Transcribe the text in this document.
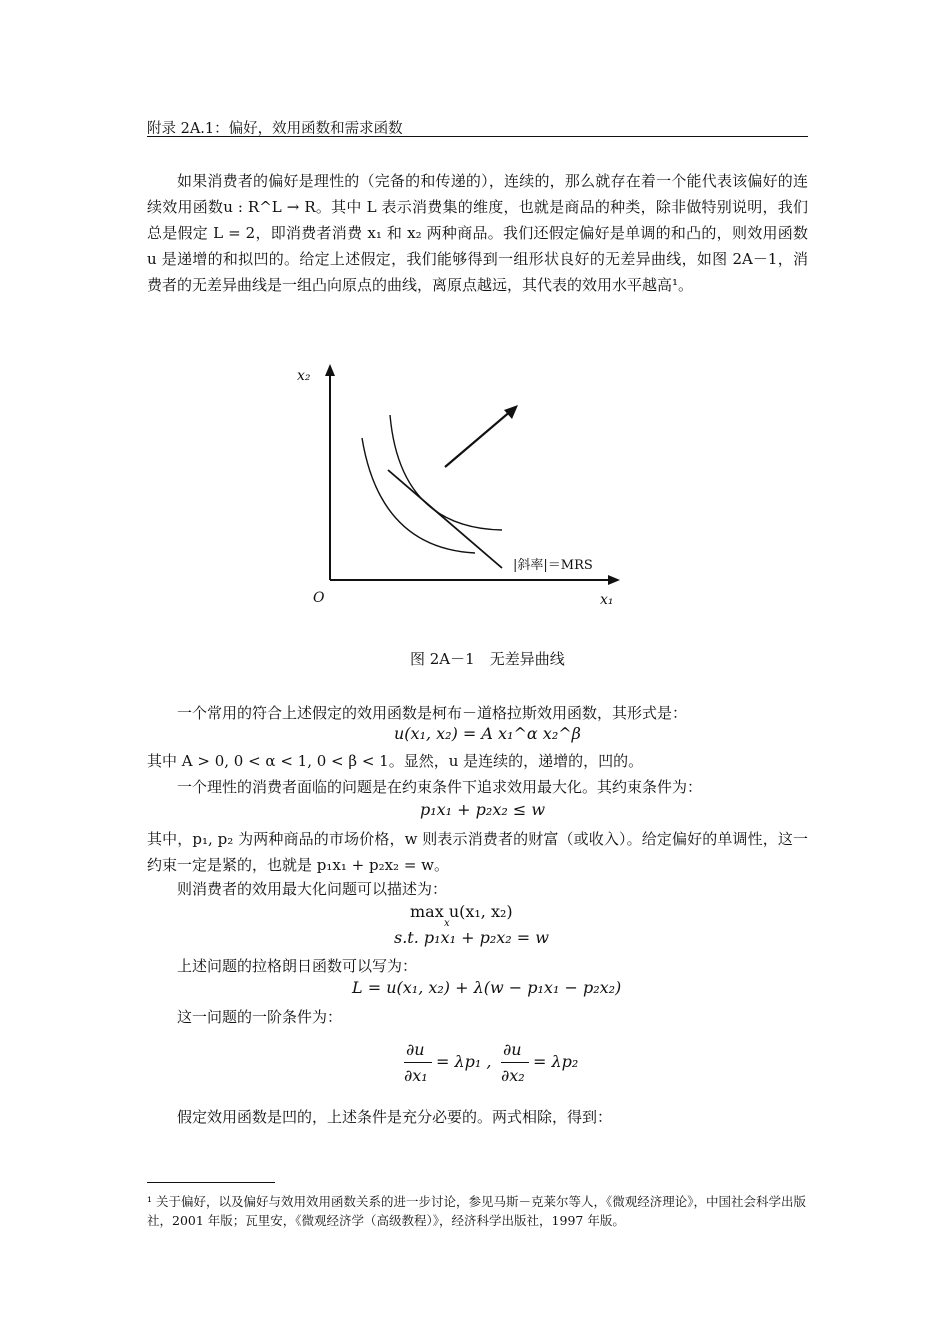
附录 2A.1：偏好，效用函数和需求函数
如果消费者的偏好是理性的（完备的和传递的），连续的，那么就存在着一个能代表该偏好的连续效用函数u : R^L → R。其中 L 表示消费集的维度，也就是商品的种类，除非做特别说明，我们总是假定 L = 2，即消费者消费 x₁ 和 x₂ 两种商品。我们还假定偏好是单调的和凸的，则效用函数 u 是递增的和拟凹的。给定上述假定，我们能够得到一组形状良好的无差异曲线，如图 2A－1，消费者的无差异曲线是一组凸向原点的曲线，离原点越远，其代表的效用水平越高¹。
x₂
x₁
O
|斜率|＝MRS
图 2A－1　无差异曲线
一个常用的符合上述假定的效用函数是柯布－道格拉斯效用函数，其形式是：
u(x₁, x₂) = A x₁^α x₂^β
其中 A > 0, 0 < α < 1, 0 < β < 1。显然，u 是连续的，递增的，凹的。
一个理性的消费者面临的问题是在约束条件下追求效用最大化。其约束条件为：
p₁x₁ + p₂x₂ ≤ w
其中，p₁, p₂ 为两种商品的市场价格，w 则表示消费者的财富（或收入）。给定偏好的单调性，这一约束一定是紧的，也就是 p₁x₁ + p₂x₂ = w。
则消费者的效用最大化问题可以描述为：
max u(x₁, x₂)
x
s.t. p₁x₁ + p₂x₂ = w
上述问题的拉格朗日函数可以写为：
L = u(x₁, x₂) + λ(w − p₁x₁ − p₂x₂)
这一问题的一阶条件为：
∂u
∂x₁
= λp₁ ,
∂u
∂x₂
= λp₂
假定效用函数是凹的，上述条件是充分必要的。两式相除，得到：
¹ 关于偏好，以及偏好与效用效用函数关系的进一步讨论，参见马斯－克莱尔等人，《微观经济理论》，中国社会科学出版社，2001 年版；瓦里安，《微观经济学（高级教程）》，经济科学出版社，1997 年版。
